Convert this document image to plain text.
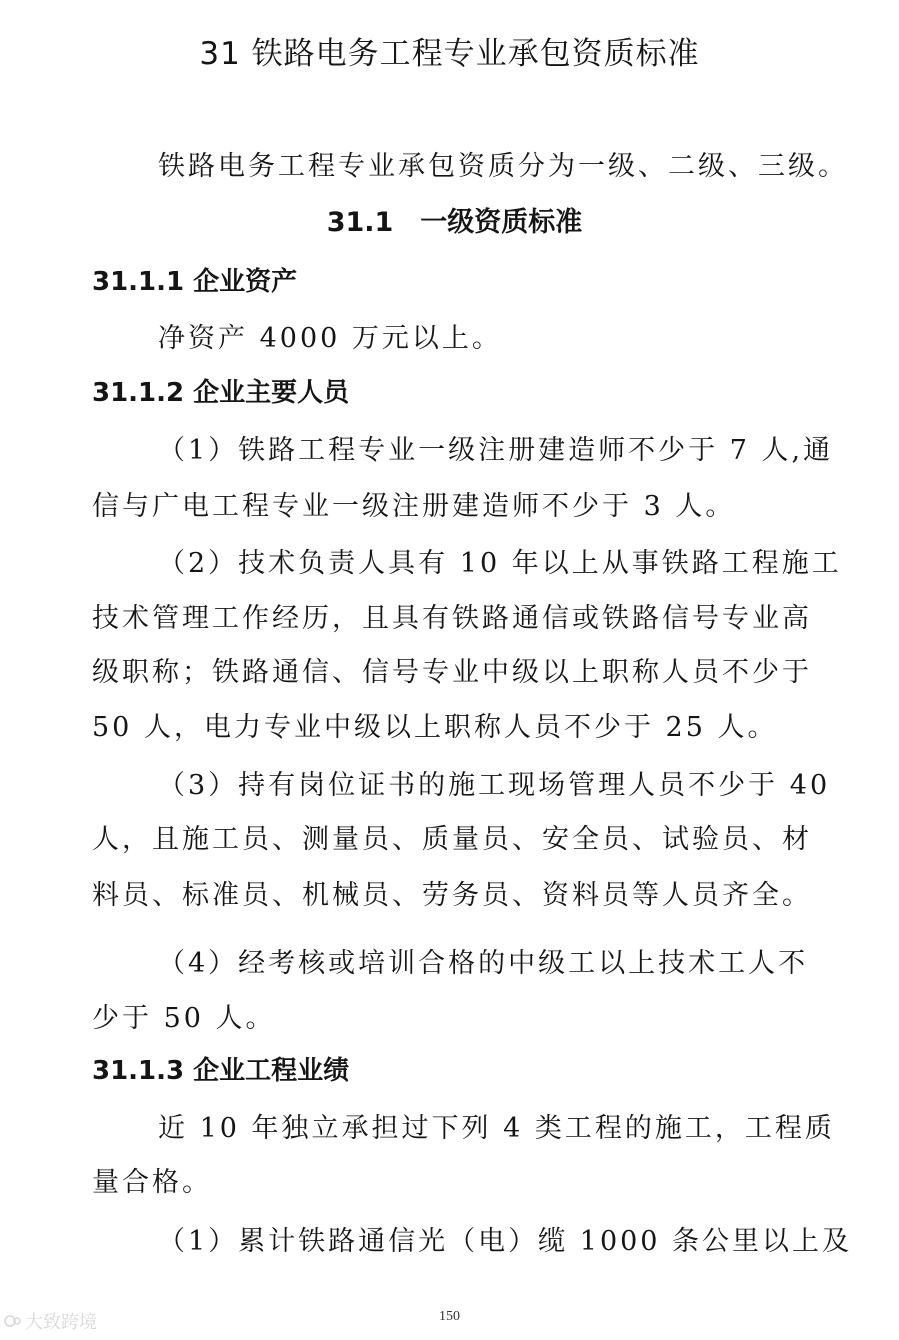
31 铁路电务工程专业承包资质标准

铁路电务工程专业承包资质分为一级、二级、三级。

31.1　一级资质标准
31.1.1 企业资产

净资产 4000 万元以上。

31.1.2 企业主要人员

（1）铁路工程专业一级注册建造师不少于 7 人,通

信与广电工程专业一级注册建造师不少于 3 人。

（2）技术负责人具有 10 年以上从事铁路工程施工

技术管理工作经历，且具有铁路通信或铁路信号专业高

级职称；铁路通信、信号专业中级以上职称人员不少于

50 人，电力专业中级以上职称人员不少于 25 人。

（3）持有岗位证书的施工现场管理人员不少于 40

人，且施工员、测量员、质量员、安全员、试验员、材

料员、标准员、机械员、劳务员、资料员等人员齐全。

（4）经考核或培训合格的中级工以上技术工人不

少于 50 人。

31.1.3 企业工程业绩

近 10 年独立承担过下列 4 类工程的施工，工程质

量合格。

（1）累计铁路通信光（电）缆 1000 条公里以上及

大致跨境	150
